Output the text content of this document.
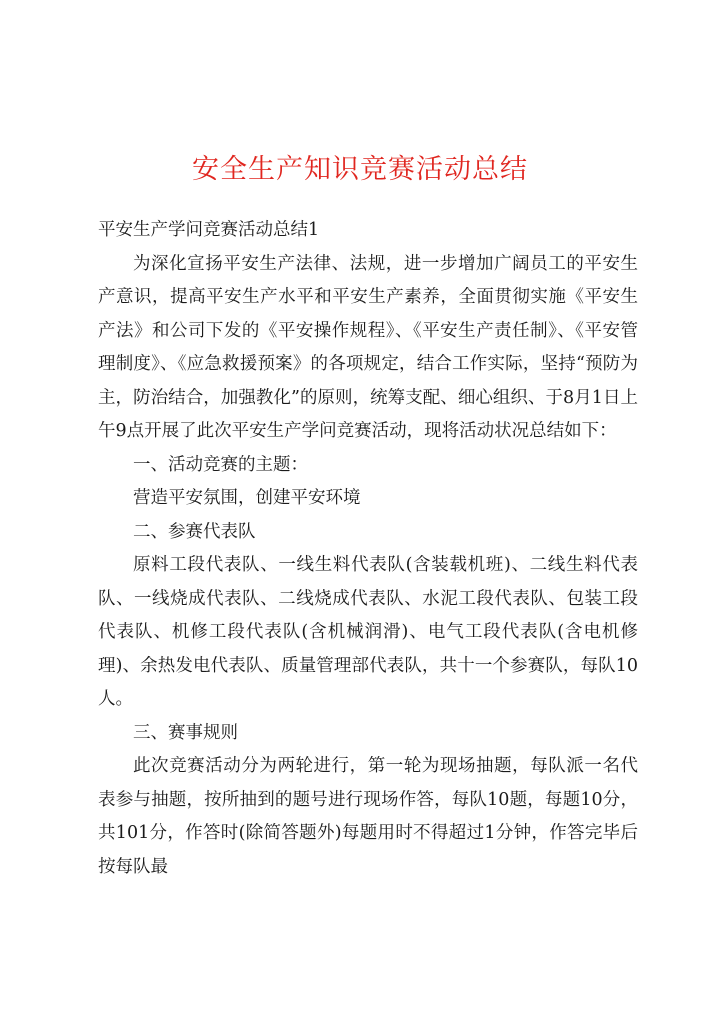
安全生产知识竞赛活动总结

平安生产学问竞赛活动总结1

为深化宣扬平安生产法律、法规，进一步增加广阔员工的平安生产意识，提高平安生产水平和平安生产素养，全面贯彻实施《平安生产法》和公司下发的《平安操作规程》、《平安生产责任制》、《平安管理制度》、《应急救援预案》的各项规定，结合工作实际，坚持“预防为主，防治结合，加强教化”的原则，统筹支配、细心组织、于8月1日上午9点开展了此次平安生产学问竞赛活动，现将活动状况总结如下：

一、活动竞赛的主题：

营造平安氛围，创建平安环境

二、参赛代表队

原料工段代表队、一线生料代表队(含装载机班)、二线生料代表队、一线烧成代表队、二线烧成代表队、水泥工段代表队、包装工段代表队、机修工段代表队(含机械润滑)、电气工段代表队(含电机修理)、余热发电代表队、质量管理部代表队，共十一个参赛队，每队10人。

三、赛事规则

此次竞赛活动分为两轮进行，第一轮为现场抽题，每队派一名代表参与抽题，按所抽到的题号进行现场作答，每队10题，每题10分，共101分，作答时(除简答题外)每题用时不得超过1分钟，作答完毕后按每队最
